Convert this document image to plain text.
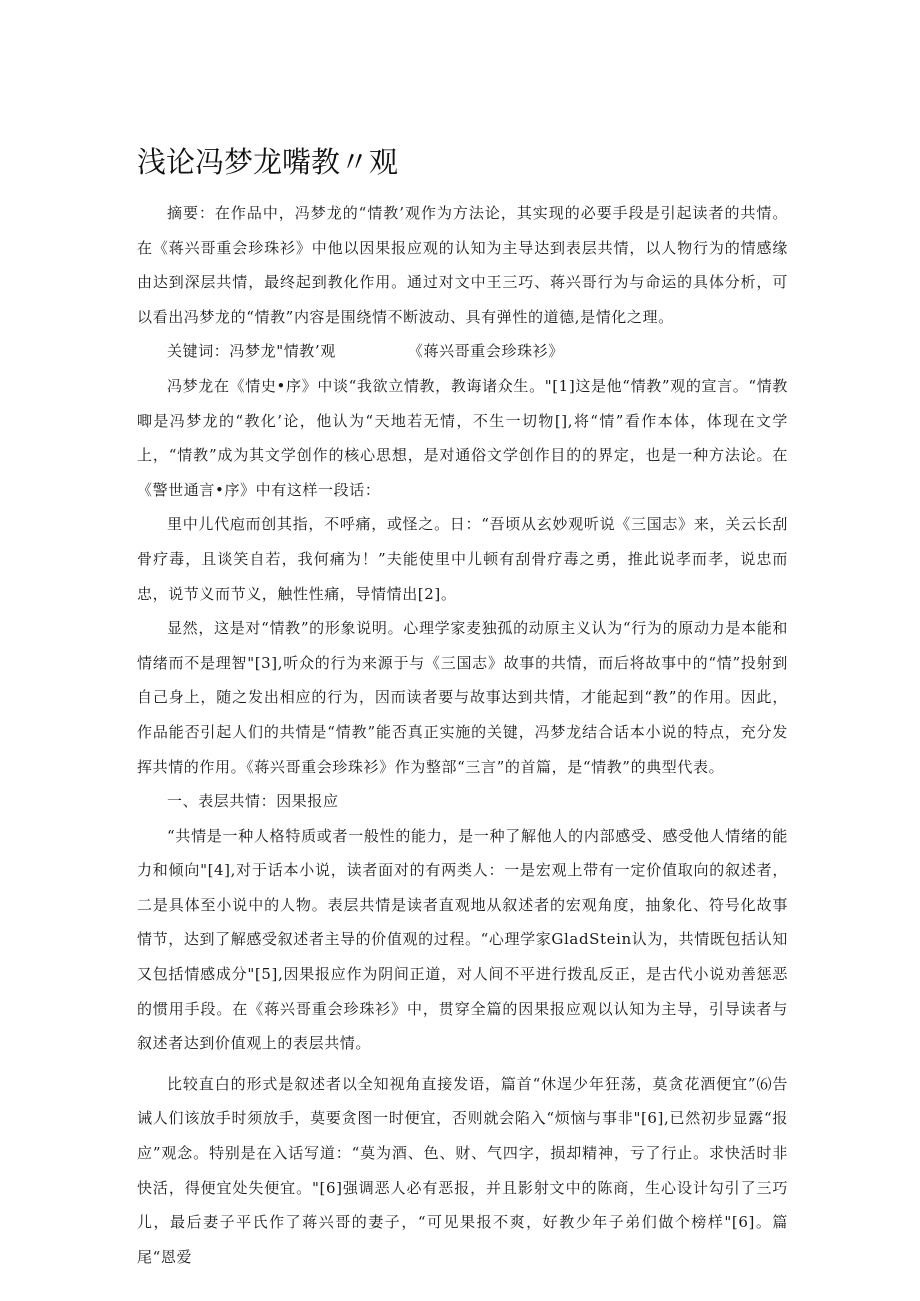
浅论冯梦龙嘴教〃观

摘要：在作品中，冯梦龙的“情教’观作为方法论，其实现的必要手段是引起读者的共情。在《蒋兴哥重会珍珠衫》中他以因果报应观的认知为主导达到表层共情，以人物行为的情感缘由达到深层共情，最终起到教化作用。通过对文中王三巧、蒋兴哥行为与命运的具体分析，可以看出冯梦龙的“情教”内容是围绕情不断波动、具有弹性的道德,是情化之理。

关键词：冯梦龙"情教’观	《蒋兴哥重会珍珠衫》

冯梦龙在《情史•序》中谈“我欲立情教，教诲诸众生。"[1]这是他“情教”观的宣言。“情教唧是冯梦龙的“教化’论，他认为“天地若无情，不生一切物[],将“情”看作本体，体现在文学上，“情教”成为其文学创作的核心思想，是对通俗文学创作目的的界定，也是一种方法论。在《警世通言•序》中有这样一段话：

里中儿代庖而创其指，不呼痛，或怪之。日：“吾顷从玄妙观听说《三国志》来，关云长刮骨疗毒，且谈笑自若，我何痛为！”夫能使里中儿顿有刮骨疗毒之勇，推此说孝而孝，说忠而忠，说节义而节义，触性性痛，导情情出[2]。

显然，这是对“情教”的形象说明。心理学家麦独孤的动原主义认为“行为的原动力是本能和情绪而不是理智"[3],听众的行为来源于与《三国志》故事的共情，而后将故事中的“情”投射到自己身上，随之发出相应的行为，因而读者要与故事达到共情，才能起到“教”的作用。因此，作品能否引起人们的共情是“情教”能否真正实施的关键，冯梦龙结合话本小说的特点，充分发挥共情的作用。《蒋兴哥重会珍珠衫》作为整部“三言”的首篇，是“情教”的典型代表。

一、表层共情：因果报应

“共情是一种人格特质或者一般性的能力，是一种了解他人的内部感受、感受他人情绪的能力和倾向"[4],对于话本小说，读者面对的有两类人：一是宏观上带有一定价值取向的叙述者，二是具体至小说中的人物。表层共情是读者直观地从叙述者的宏观角度，抽象化、符号化故事情节，达到了解感受叙述者主导的价值观的过程。“心理学家GladStein认为，共情既包括认知又包括情感成分"[5],因果报应作为阴间正道，对人间不平进行拨乱反正，是古代小说劝善惩恶的惯用手段。在《蒋兴哥重会珍珠衫》中，贯穿全篇的因果报应观以认知为主导，引导读者与叙述者达到价值观上的表层共情。

比较直白的形式是叙述者以全知视角直接发语，篇首“休逞少年狂荡，莫贪花酒便宜”⑹告诫人们该放手时须放手，莫要贪图一时便宜，否则就会陷入“烦恼与事非"[6],已然初步显露“报应”观念。特别是在入话写道：“莫为酒、色、财、气四字，损却精神，亏了行止。求快活时非快活，得便宜处失便宜。"[6]强调恶人必有恶报，并且影射文中的陈商，生心设计勾引了三巧儿，最后妻子平氏作了蒋兴哥的妻子，“可见果报不爽，好教少年子弟们做个榜样"[6]。篇尾“恩爱
